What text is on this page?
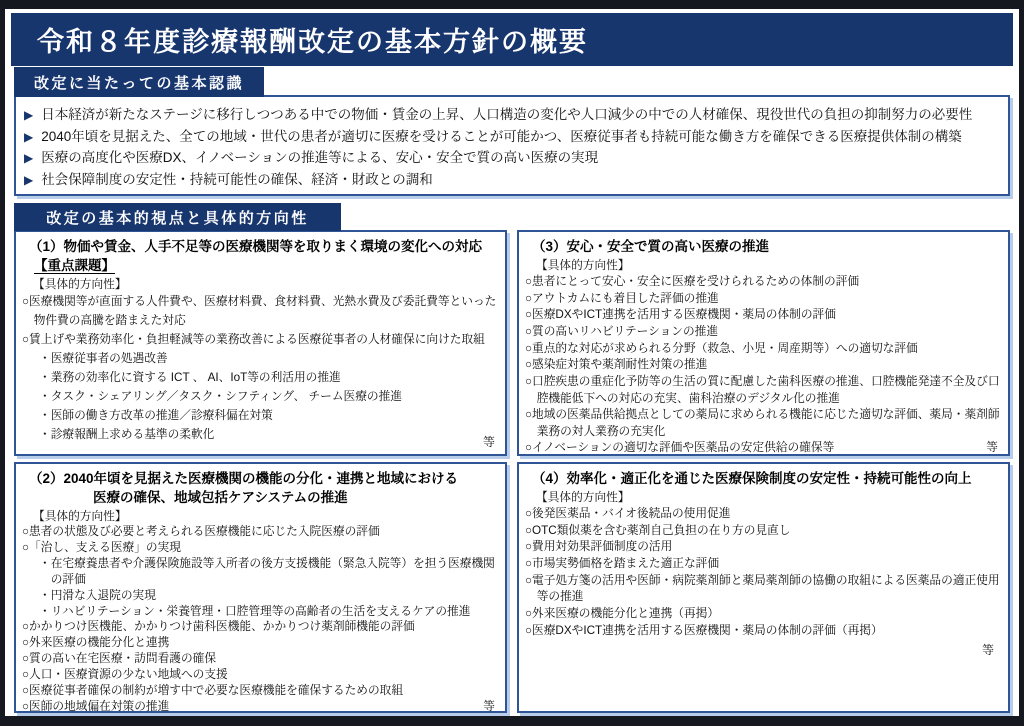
令和８年度診療報酬改定の基本方針の概要
改定に当たっての基本認識
▶ 日本経済が新たなステージに移行しつつある中での物価・賃金の上昇、人口構造の変化や人口減少の中での人材確保、現役世代の負担の抑制努力の必要性
▶ 2040年頃を見据えた、全ての地域・世代の患者が適切に医療を受けることが可能かつ、医療従事者も持続可能な働き方を確保できる医療提供体制の構築
▶ 医療の高度化や医療DX、イノベーションの推進等による、安心・安全で質の高い医療の実現
▶ 社会保障制度の安定性・持続可能性の確保、経済・財政との調和
改定の基本的視点と具体的方向性
（1）物価や賃金、人手不足等の医療機関等を取りまく環境の変化への対応
【重点課題】
【具体的方向性】
○医療機関等が直面する人件費や、医療材料費、食材料費、光熱水費及び委託費等といった物件費の高騰を踏まえた対応
○賃上げや業務効率化・負担軽減等の業務改善による医療従事者の人材確保に向けた取組
・医療従事者の処遇改善
・業務の効率化に資する ICT 、 AI、IoT等の利活用の推進
・タスク・シェアリング／タスク・シフティング、 チーム医療の推進
・医師の働き方改革の推進／診療科偏在対策
・診療報酬上求める基準の柔軟化
等
（3）安心・安全で質の高い医療の推進
【具体的方向性】
○患者にとって安心・安全に医療を受けられるための体制の評価
○アウトカムにも着目した評価の推進
○医療DXやICT連携を活用する医療機関・薬局の体制の評価
○質の高いリハビリテーションの推進
○重点的な対応が求められる分野（救急、小児・周産期等）への適切な評価
○感染症対策や薬剤耐性対策の推進
○口腔疾患の重症化予防等の生活の質に配慮した歯科医療の推進、口腔機能発達不全及び口腔機能低下への対応の充実、歯科治療のデジタル化の推進
○地域の医薬品供給拠点としての薬局に求められる機能に応じた適切な評価、薬局・薬剤師業務の対人業務の充実化
等
○イノベーションの適切な評価や医薬品の安定供給の確保等
（2）2040年頃を見据えた医療機関の機能の分化・連携と地域における
医療の確保、地域包括ケアシステムの推進
【具体的方向性】
○患者の状態及び必要と考えられる医療機能に応じた入院医療の評価
○「治し、支える医療」の実現
・在宅療養患者や介護保険施設等入所者の後方支援機能（緊急入院等）を担う医療機関の評価
・円滑な入退院の実現
・リハビリテーション・栄養管理・口腔管理等の高齢者の生活を支えるケアの推進
○かかりつけ医機能、かかりつけ歯科医機能、かかりつけ薬剤師機能の評価
○外来医療の機能分化と連携
○質の高い在宅医療・訪問看護の確保
○人口・医療資源の少ない地域への支援
○医療従事者確保の制約が増す中で必要な医療機能を確保するための取組
等
○医師の地域偏在対策の推進
（4）効率化・適正化を通じた医療保険制度の安定性・持続可能性の向上
【具体的方向性】
○後発医薬品・バイオ後続品の使用促進
○OTC類似薬を含む薬剤自己負担の在り方の見直し
○費用対効果評価制度の活用
○市場実勢価格を踏まえた適正な評価
○電子処方箋の活用や医師・病院薬剤師と薬局薬剤師の協働の取組による医薬品の適正使用等の推進
○外来医療の機能分化と連携（再掲）
○医療DXやICT連携を活用する医療機関・薬局の体制の評価（再掲）
等
